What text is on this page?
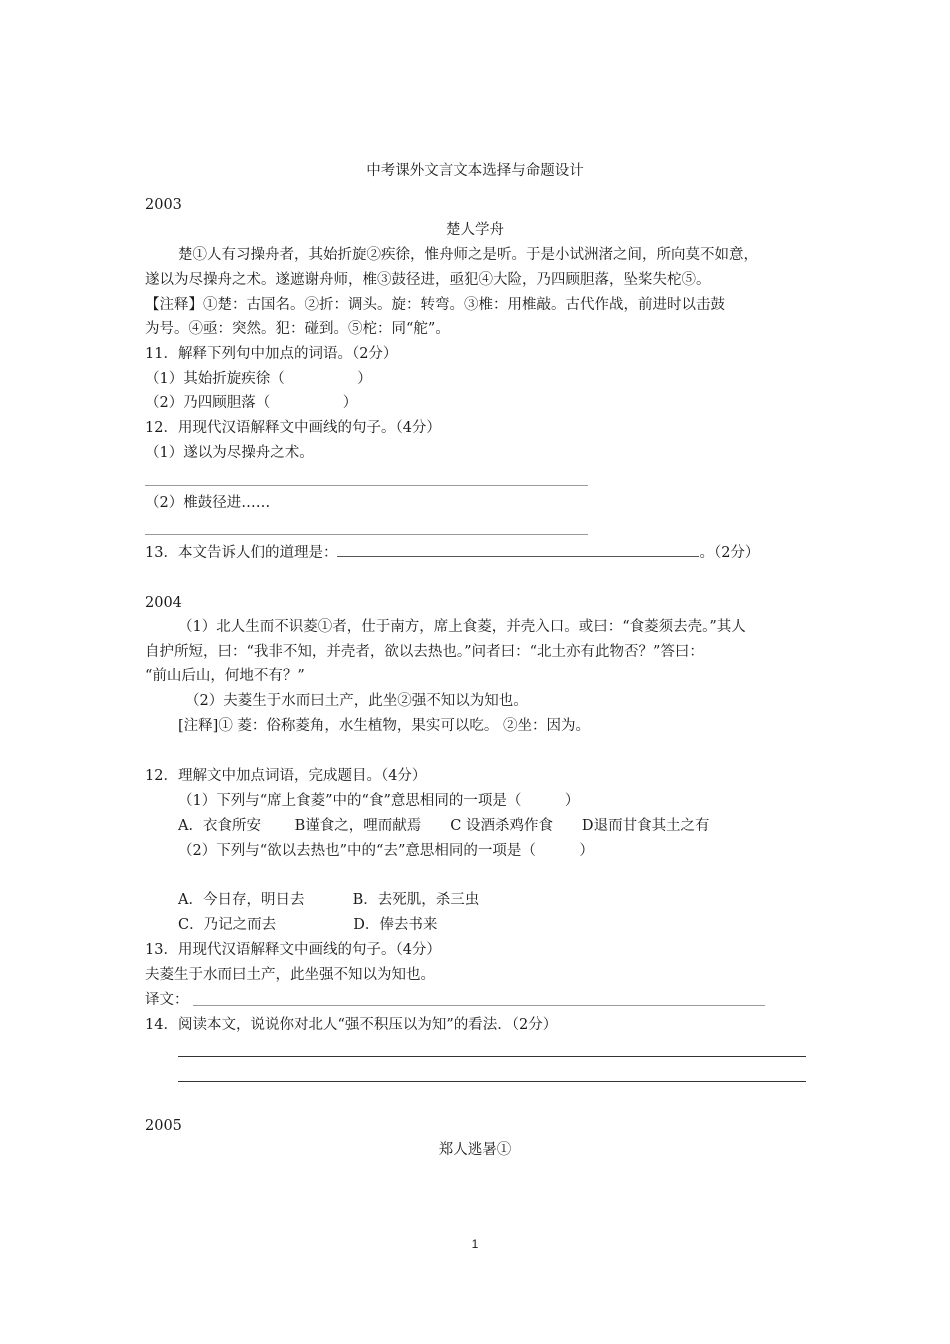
中考课外文言文本选择与命题设计
2003
楚人学舟
楚①人有习操舟者，其始折旋②疾徐，惟舟师之是听。于是小试洲渚之间，所向莫不如意，
遂以为尽操舟之术。遂遮谢舟师，椎③鼓径进，亟犯④大险，乃四顾胆落，坠桨失柁⑤。
【注释】①楚：古国名。②折：调头。旋：转弯。③椎：用椎敲。古代作战，前进时以击鼓
为号。④亟：突然。犯：碰到。⑤柁：同“舵”。
11．解释下列句中加点的词语。（2分）
（1）其始折旋疾徐（　　　　　）
（2）乃四顾胆落（　　　　　）
12．用现代汉语解释文中画线的句子。（4分）
（1）遂以为尽操舟之术。
（2）椎鼓径进……
13．本文告诉人们的道理是：	。（2分）
2004
（1）北人生而不识菱①者，仕于南方，席上食菱，并壳入口。或曰：“食菱须去壳。”其人
自护所短，曰：“我非不知，并壳者，欲以去热也。”问者曰：“北土亦有此物否？”答曰：
“前山后山，何地不有？”
（2）夫菱生于水而曰土产，此坐②强不知以为知也。
[注释]① 菱：俗称菱角，水生植物，果实可以吃。 ②坐：因为。
12．理解文中加点词语，完成题目。（4分）
（1）下列与“席上食菱”中的“食”意思相同的一项是（　　　）
A．衣食所安　　 B谨食之，哩而献焉　　C 设酒杀鸡作食　　D退而甘食其土之有
（2）下列与“欲以去热也”中的“去”意思相同的一项是（　　　）
A．今日存，明日去　　　 B．去死肌，杀三虫
C．乃记之而去　　　　　 D．俸去书来
13．用现代汉语解释文中画线的句子。（4分）
夫菱生于水而曰土产，此坐强不知以为知也。
译文：
14．阅读本文，说说你对北人“强不积压以为知”的看法．（2分）
2005
郑人逃暑①
1
